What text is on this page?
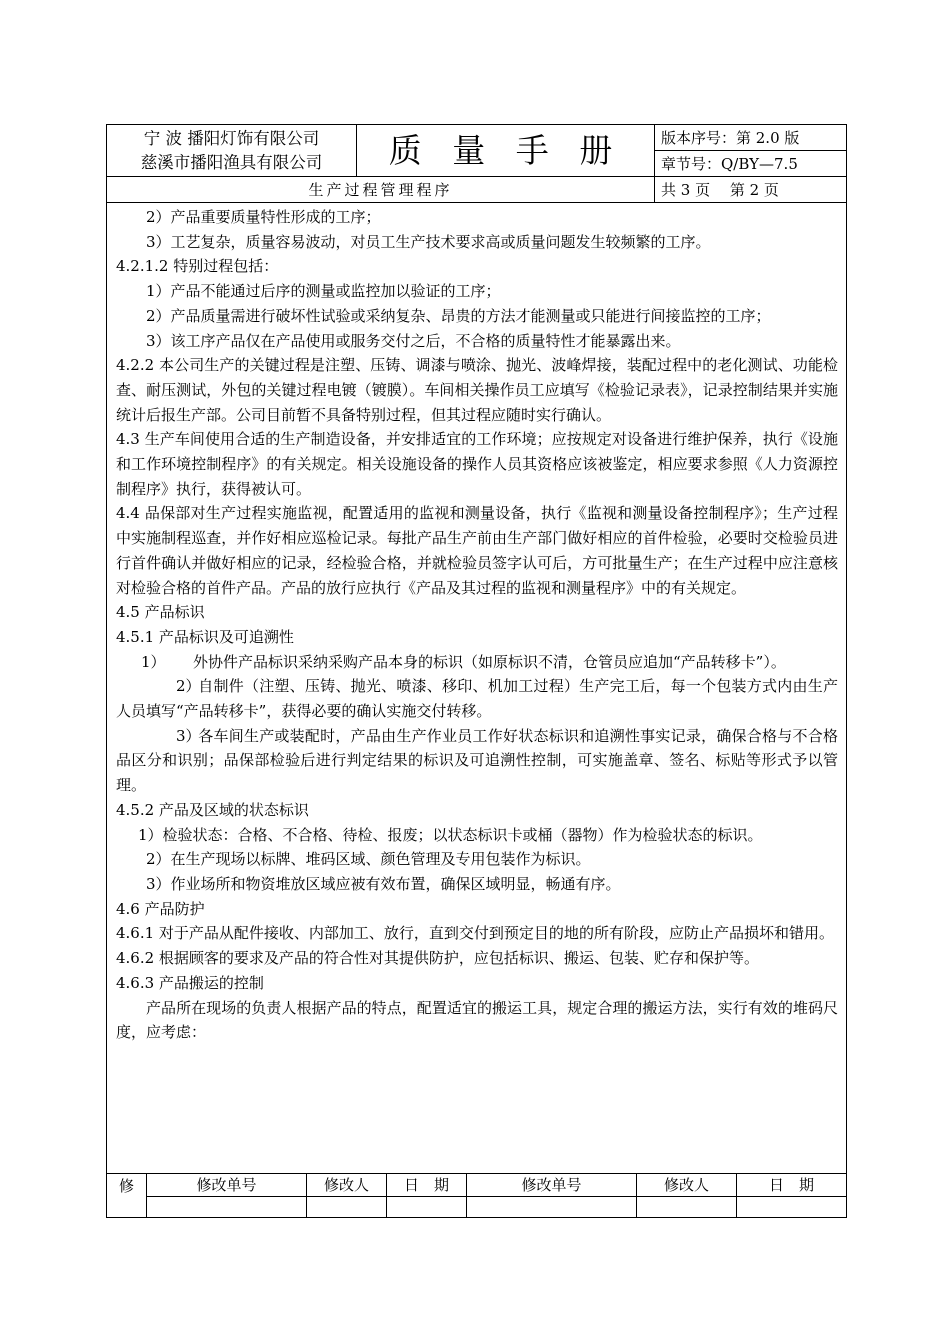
宁 波 播阳灯饰有限公司
慈溪市播阳渔具有限公司	质 量 手 册	版本序号：第 2.0 版
章节号：Q/BY—7.5
生产过程管理程序	共 3 页　 第 2 页

2）产品重要质量特性形成的工序；

3）工艺复杂，质量容易波动，对员工生产技术要求高或质量问题发生较频繁的工序。

4.2.1.2 特别过程包括：

1）产品不能通过后序的测量或监控加以验证的工序；

2）产品质量需进行破坏性试验或采纳复杂、昂贵的方法才能测量或只能进行间接监控的工序；

3）该工序产品仅在产品使用或服务交付之后，不合格的质量特性才能暴露出来。

4.2.2 本公司生产的关键过程是注塑、压铸、调漆与喷涂、抛光、波峰焊接，装配过程中的老化测试、功能检查、耐压测试，外包的关键过程电镀（镀膜）。车间相关操作员工应填写《检验记录表》，记录控制结果并实施统计后报生产部。公司目前暂不具备特别过程，但其过程应随时实行确认。

4.3 生产车间使用合适的生产制造设备，并安排适宜的工作环境；应按规定对设备进行维护保养，执行《设施和工作环境控制程序》的有关规定。相关设施设备的操作人员其资格应该被鉴定，相应要求参照《人力资源控制程序》执行，获得被认可。

4.4 品保部对生产过程实施监视，配置适用的监视和测量设备，执行《监视和测量设备控制程序》；生产过程中实施制程巡查，并作好相应巡检记录。每批产品生产前由生产部门做好相应的首件检验，必要时交检验员进行首件确认并做好相应的记录，经检验合格，并就检验员签字认可后，方可批量生产；在生产过程中应注意核对检验合格的首件产品。产品的放行应执行《产品及其过程的监视和测量程序》中的有关规定。

4.5 产品标识

4.5.1 产品标识及可追溯性

1） 外协件产品标识采纳采购产品本身的标识（如原标识不清，仓管员应追加“产品转移卡”）。

2）自制件（注塑、压铸、抛光、喷漆、移印、机加工过程）生产完工后，每一个包装方式内由生产人员填写“产品转移卡”，获得必要的确认实施交付转移。

3）各车间生产或装配时，产品由生产作业员工作好状态标识和追溯性事实记录，确保合格与不合格品区分和识别；品保部检验后进行判定结果的标识及可追溯性控制，可实施盖章、签名、标贴等形式予以管理。

4.5.2 产品及区域的状态标识

1）检验状态：合格、不合格、待检、报废；以状态标识卡或桶（器物）作为检验状态的标识。

2）在生产现场以标牌、堆码区域、颜色管理及专用包装作为标识。

3）作业场所和物资堆放区域应被有效布置，确保区域明显，畅通有序。

4.6 产品防护

4.6.1 对于产品从配件接收、内部加工、放行，直到交付到预定目的地的所有阶段，应防止产品损坏和错用。

4.6.2 根据顾客的要求及产品的符合性对其提供防护，应包括标识、搬运、包装、贮存和保护等。

4.6.3 产品搬运的控制

产品所在现场的负责人根据产品的特点，配置适宜的搬运工具，规定合理的搬运方法，实行有效的堆码尺度，应考虑：

修	修改单号	修改人	日　期	修改单号	修改人	日　期
